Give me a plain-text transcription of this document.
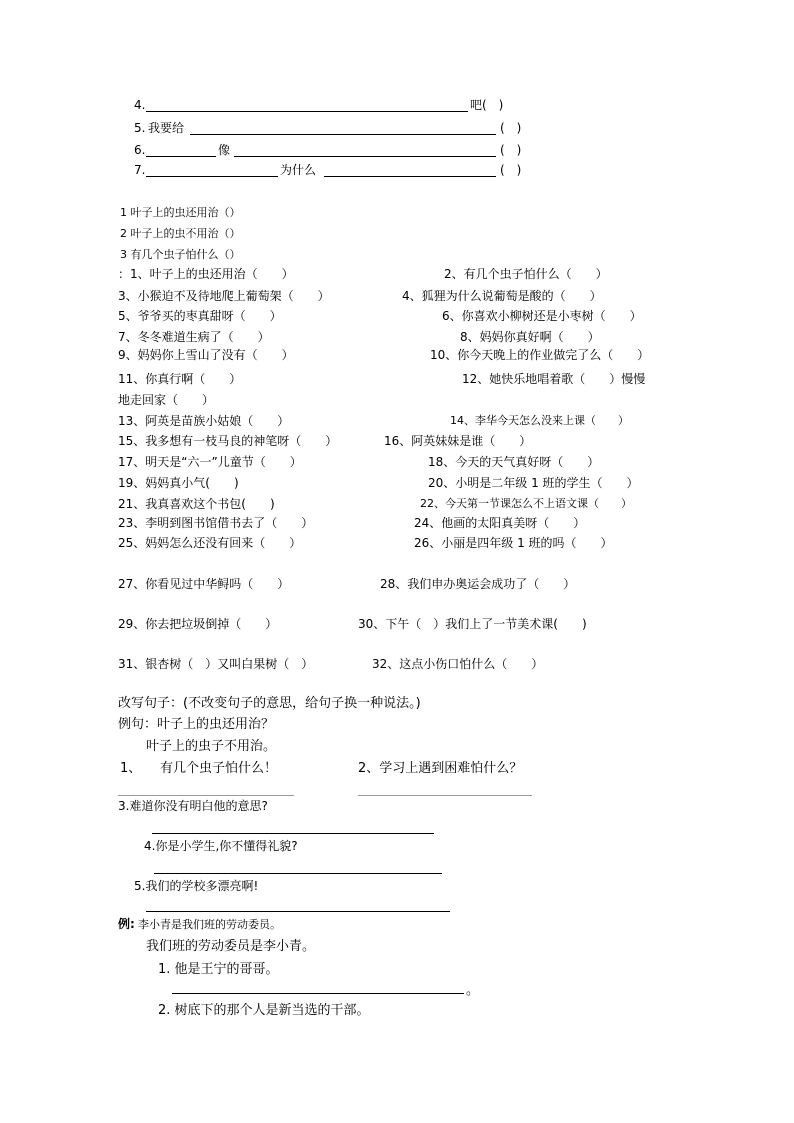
4.	吧(　)
5. 我要给	(　)
6.	像	(　)
7.	为什么	(　)
1 叶子上的虫还用治（）
2 叶子上的虫不用治（）
3 有几个虫子怕什么（）
：1、叶子上的虫还用治（　　）	2、有几个虫子怕什么（　　）
3、小猴迫不及待地爬上葡萄架（　　）	4、狐狸为什么说葡萄是酸的（　　）
5、爷爷买的枣真甜呀（　　）	6、你喜欢小柳树还是小枣树（　　）
7、冬冬难道生病了（　　）	8、妈妈你真好啊（　　）
9、妈妈你上雪山了没有（　　）	10、你今天晚上的作业做完了么（　　）
11、你真行啊（　　）	12、她快乐地唱着歌（　　）慢慢
地走回家（　　）
13、阿英是苗族小姑娘（　　）	14、李华今天怎么没来上课（　　）
15、我多想有一枝马良的神笔呀（　　）	16、阿英妹妹是谁（　　）
17、明天是“六一”儿童节（　　）	18、今天的天气真好呀（　　）
19、妈妈真小气(　　)	20、小明是二年级 1 班的学生（　　）
21、我真喜欢这个书包(　　)	22、今天第一节课怎么不上语文课（　　）
23、李明到图书馆借书去了（　　）	24、他画的太阳真美呀（　　）
25、妈妈怎么还没有回来（　　）	26、小丽是四年级 1 班的吗（　　）
27、你看见过中华鲟吗（　　）	28、我们申办奥运会成功了（　　）
29、你去把垃圾倒掉（　　）	30、下午（　）我们上了一节美术课(　　)
31、银杏树（　）又叫白果树（　）	32、这点小伤口怕什么（　　）
改写句子：(不改变句子的意思，给句子换一种说法。)
例句：叶子上的虫还用治？
叶子上的虫子不用治。
1、 有几个虫子怕什么！	2、学习上遇到困难怕什么？
3.难道你没有明白他的意思?
4.你是小学生,你不懂得礼貌?
5.我们的学校多漂亮啊!
例: 李小青是我们班的劳动委员。
我们班的劳动委员是李小青。
1. 他是王宁的哥哥。
。
2. 树底下的那个人是新当选的干部。
